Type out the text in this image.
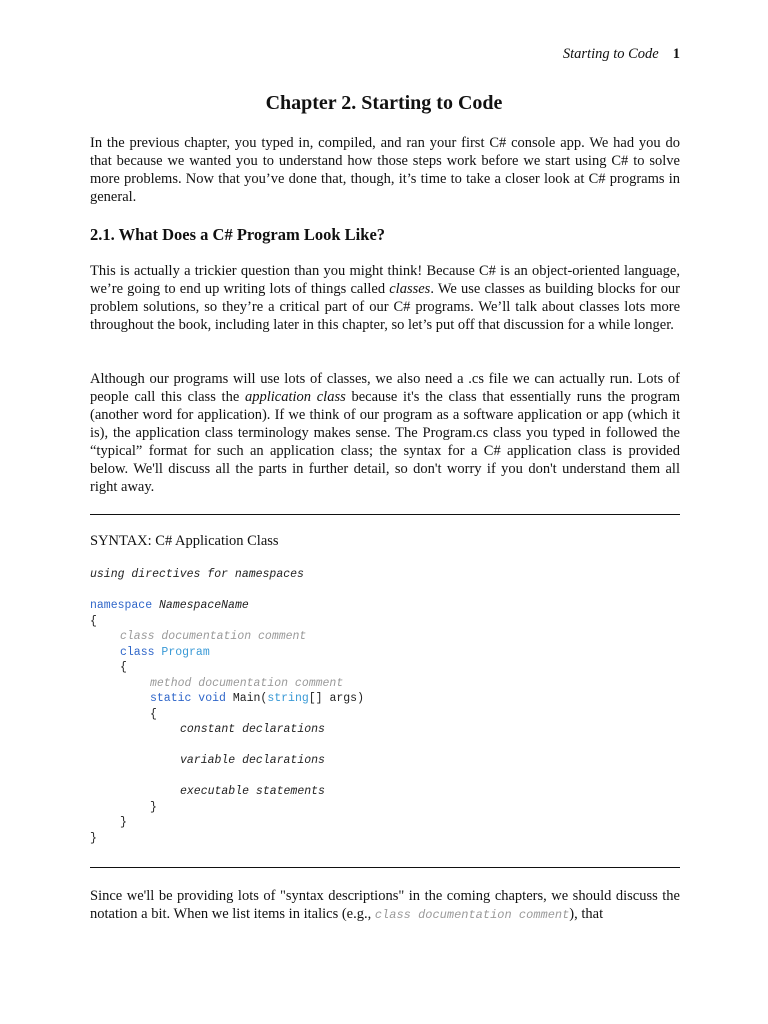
Starting to Code 1
Chapter 2. Starting to Code

In the previous chapter, you typed in, compiled, and ran your first C# console app. We had you do that because we wanted you to understand how those steps work before we start using C# to solve more problems. Now that you’ve done that, though, it’s time to take a closer look at C# programs in general.

2.1. What Does a C# Program Look Like?

This is actually a trickier question than you might think! Because C# is an object-oriented language, we’re going to end up writing lots of things called classes. We use classes as building blocks for our problem solutions, so they’re a critical part of our C# programs. We’ll talk about classes lots more throughout the book, including later in this chapter, so let’s put off that discussion for a while longer.

Although our programs will use lots of classes, we also need a .cs file we can actually run. Lots of people call this class the application class because it's the class that essentially runs the program (another word for application). If we think of our program as a software application or app (which it is), the application class terminology makes sense. The Program.cs class you typed in followed the “typical” format for such an application class; the syntax for a C# application class is provided below. We'll discuss all the parts in further detail, so don't worry if you don't understand them all right away.

SYNTAX: C# Application Class

using directives for namespaces
namespace NamespaceName
{
class documentation comment
class Program
{
method documentation comment
static void Main(string[] args)
{
constant declarations
variable declarations
executable statements
}
}
}

Since we'll be providing lots of "syntax descriptions" in the coming chapters, we should discuss the notation a bit. When we list items in italics (e.g., class documentation comment), that
